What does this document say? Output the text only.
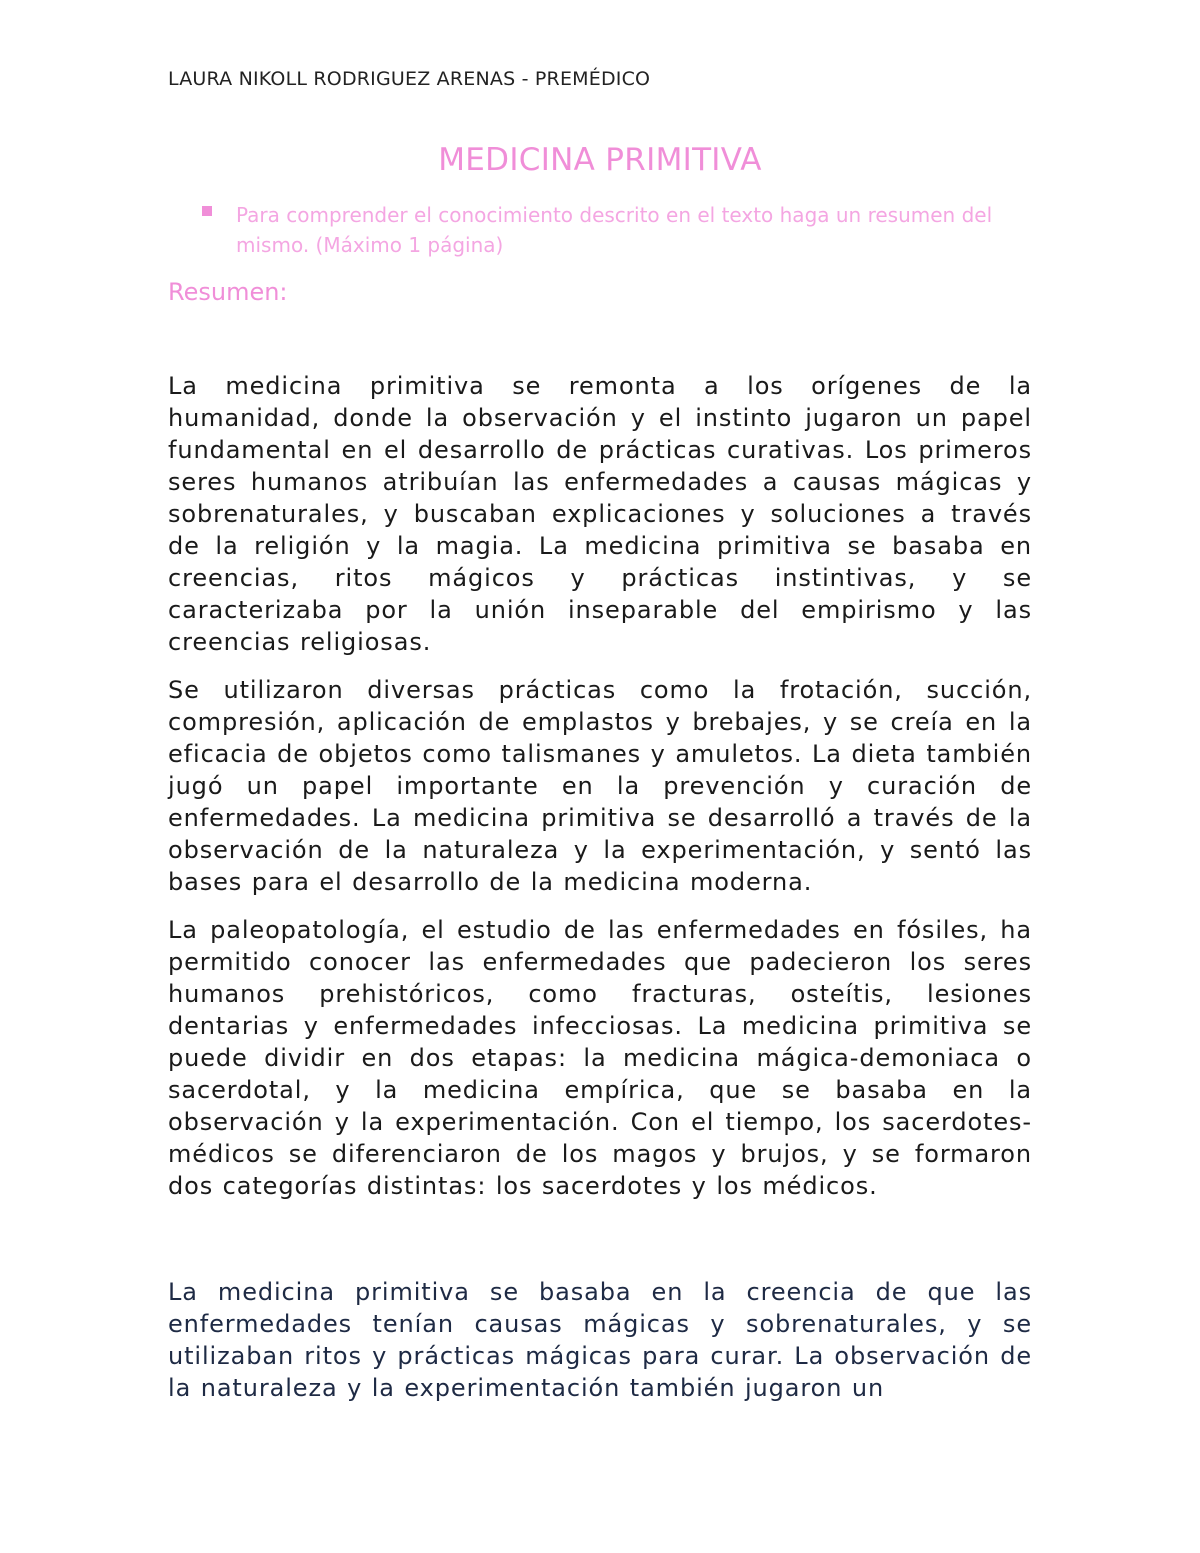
LAURA NIKOLL RODRIGUEZ ARENAS - PREMÉDICO
MEDICINA PRIMITIVA
Para comprender el conocimiento descrito en el texto haga un resumen del mismo. (Máximo 1 página)
Resumen:
La medicina primitiva se remonta a los orígenes de la humanidad, donde la observación y el instinto jugaron un papel fundamental en el desarrollo de prácticas curativas. Los primeros seres humanos atribuían las enfermedades a causas mágicas y sobrenaturales, y buscaban explicaciones y soluciones a través de la religión y la magia. La medicina primitiva se basaba en creencias, ritos mágicos y prácticas instintivas, y se caracterizaba por la unión inseparable del empirismo y las creencias religiosas.
Se utilizaron diversas prácticas como la frotación, succión, compresión, aplicación de emplastos y brebajes, y se creía en la eficacia de objetos como talismanes y amuletos. La dieta también jugó un papel importante en la prevención y curación de enfermedades. La medicina primitiva se desarrolló a través de la observación de la naturaleza y la experimentación, y sentó las bases para el desarrollo de la medicina moderna.
La paleopatología, el estudio de las enfermedades en fósiles, ha permitido conocer las enfermedades que padecieron los seres humanos prehistóricos, como fracturas, osteítis, lesiones dentarias y enfermedades infecciosas. La medicina primitiva se puede dividir en dos etapas: la medicina mágica-demoniaca o sacerdotal, y la medicina empírica, que se basaba en la observación y la experimentación. Con el tiempo, los sacerdotes-médicos se diferenciaron de los magos y brujos, y se formaron dos categorías distintas: los sacerdotes y los médicos.
La medicina primitiva se basaba en la creencia de que las enfermedades tenían causas mágicas y sobrenaturales, y se utilizaban ritos y prácticas mágicas para curar. La observación de la naturaleza y la experimentación también jugaron un
